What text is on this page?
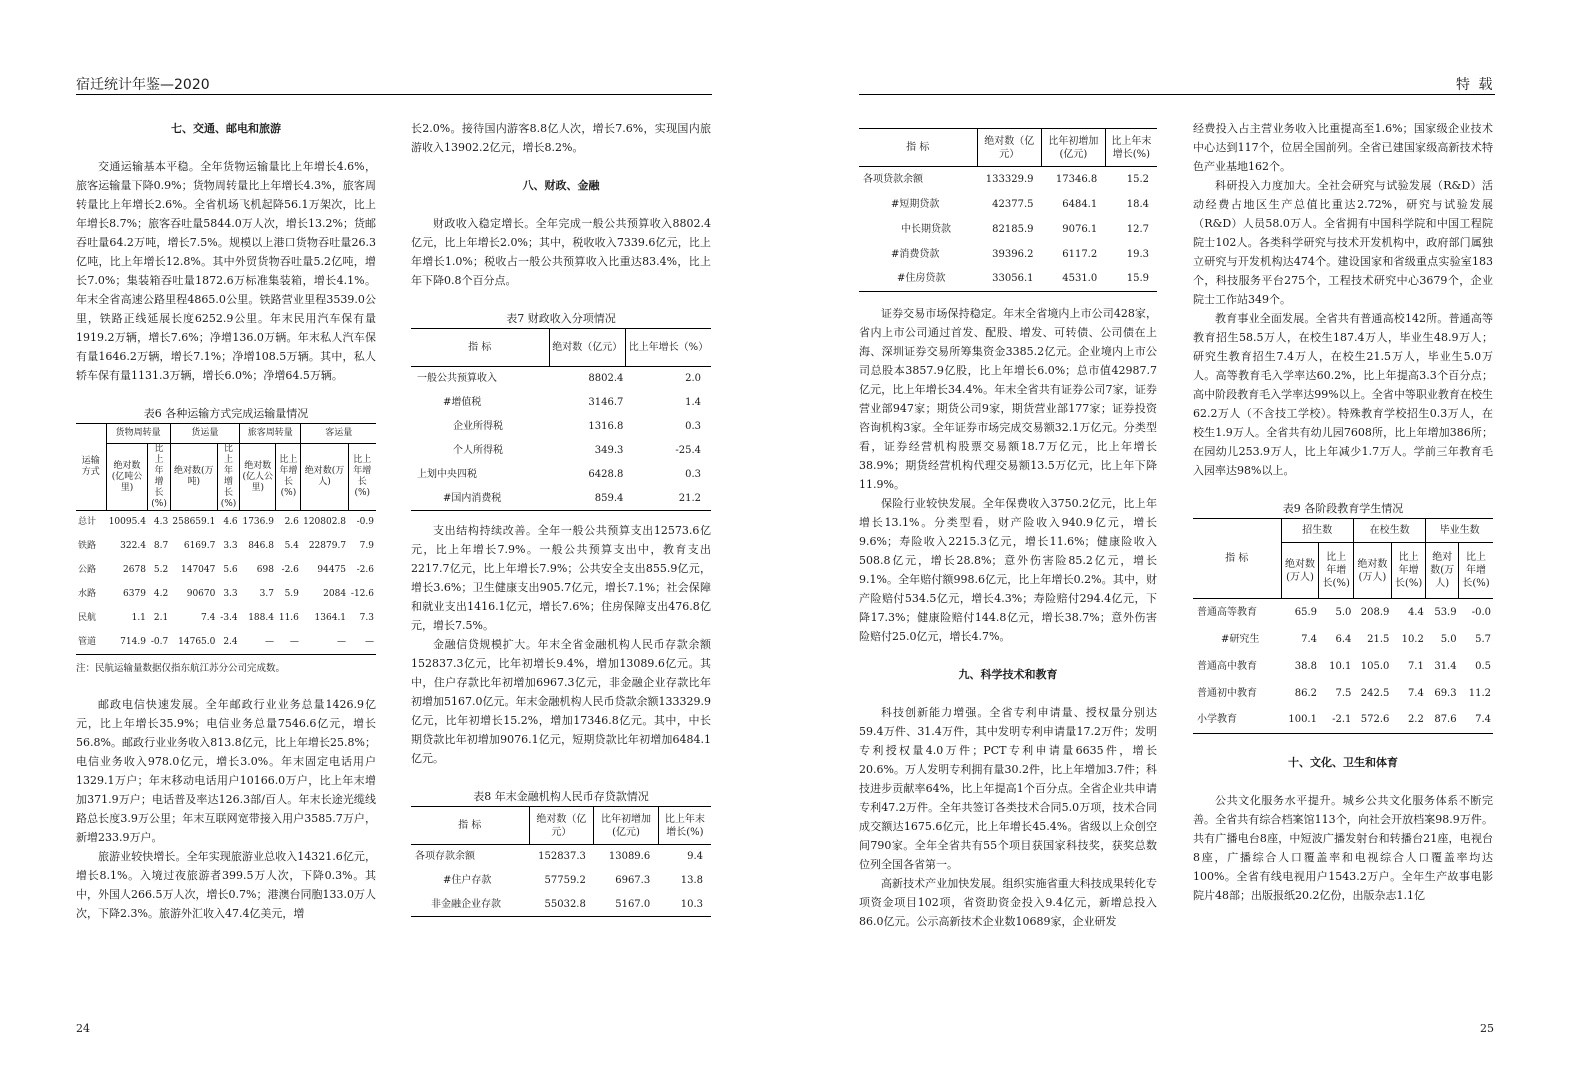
宿迁统计年鉴—2020	特 载
七、交通、邮电和旅游

交通运输基本平稳。全年货物运输量比上年增长4.6%，旅客运输量下降0.9%；货物周转量比上年增长4.3%，旅客周转量比上年增长2.6%。全省机场飞机起降56.1万架次，比上年增长8.7%；旅客吞吐量5844.0万人次，增长13.2%；货邮吞吐量64.2万吨，增长7.5%。规模以上港口货物吞吐量26.3亿吨，比上年增长12.8%。其中外贸货物吞吐量5.2亿吨，增长7.0%；集装箱吞吐量1872.6万标准集装箱，增长4.1%。年末全省高速公路里程4865.0公里。铁路营业里程3539.0公里，铁路正线延展长度6252.9公里。年末民用汽车保有量1919.2万辆，增长7.6%；净增136.0万辆。年末私人汽车保有量1646.2万辆，增长7.1%；净增108.5万辆。其中，私人轿车保有量1131.3万辆，增长6.0%；净增64.5万辆。

表6 各种运输方式完成运输量情况
运输方式	货物周转量		货运量		旅客周转量		客运量	
	绝对数(亿吨公里)	比上年增长(%)	绝对数(万吨)	比上年增长(%)	绝对数(亿人公里)	比上年增长(%)	绝对数(万人)	比上年增长(%)
总计	10095.4	4.3	258659.1	4.6	1736.9	2.6	120802.8	-0.9
铁路	322.4	8.7	6169.7	3.3	846.8	5.4	22879.7	7.9
公路	2678	5.2	147047	5.6	698	-2.6	94475	-2.6
水路	6379	4.2	90670	3.3	3.7	5.9	2084	-12.6
民航	1.1	2.1	7.4	-3.4	188.4	11.6	1364.1	7.3
管道	714.9	-0.7	14765.0	2.4	—	—	—	—
注：民航运输量数据仅指东航江苏分公司完成数。

邮政电信快速发展。全年邮政行业业务总量1426.9亿元，比上年增长35.9%；电信业务总量7546.6亿元，增长56.8%。邮政行业业务收入813.8亿元，比上年增长25.8%；电信业务收入978.0亿元，增长3.0%。年末固定电话用户1329.1万户；年末移动电话用户10166.0万户，比上年末增加371.9万户；电话普及率达126.3部/百人。年末长途光缆线路总长度3.9万公里；年末互联网宽带接入用户3585.7万户，新增233.9万户。

旅游业较快增长。全年实现旅游业总收入14321.6亿元，增长8.1%。入境过夜旅游者399.5万人次，下降0.3%。其中，外国人266.5万人次，增长0.7%；港澳台同胞133.0万人次，下降2.3%。旅游外汇收入47.4亿美元，增

长2.0%。接待国内游客8.8亿人次，增长7.6%，实现国内旅游收入13902.2亿元，增长8.2%。

八、财政、金融

财政收入稳定增长。全年完成一般公共预算收入8802.4亿元，比上年增长2.0%；其中，税收收入7339.6亿元，比上年增长1.0%；税收占一般公共预算收入比重达83.4%，比上年下降0.8个百分点。

表7 财政收入分项情况
指 标	绝对数（亿元）	比上年增长（%）
一般公共预算收入	8802.4	2.0
#增值税	3146.7	1.4
企业所得税	1316.8	0.3
个人所得税	349.3	-25.4
上划中央四税	6428.8	0.3
#国内消费税	859.4	21.2

支出结构持续改善。全年一般公共预算支出12573.6亿元，比上年增长7.9%。一般公共预算支出中，教育支出2217.7亿元，比上年增长7.9%；公共安全支出855.9亿元，增长3.6%；卫生健康支出905.7亿元，增长7.1%；社会保障和就业支出1416.1亿元，增长7.6%；住房保障支出476.8亿元，增长7.5%。

金融信贷规模扩大。年末全省金融机构人民币存款余额152837.3亿元，比年初增长9.4%，增加13089.6亿元。其中，住户存款比年初增加6967.3亿元，非金融企业存款比年初增加5167.0亿元。年末金融机构人民币贷款余额133329.9亿元，比年初增长15.2%，增加17346.8亿元。其中，中长期贷款比年初增加9076.1亿元，短期贷款比年初增加6484.1亿元。

表8 年末金融机构人民币存贷款情况
指 标	绝对数（亿元）	比年初增加(亿元)	比上年末增长(%)
各项存款余额	152837.3	13089.6	9.4
#住户存款	57759.2	6967.3	13.8
非金融企业存款	55032.8	5167.0	10.3
指 标	绝对数（亿元）	比年初增加(亿元)	比上年末增长(%)
各项贷款余额	133329.9	17346.8	15.2
#短期贷款	42377.5	6484.1	18.4
中长期贷款	82185.9	9076.1	12.7
#消费贷款	39396.2	6117.2	19.3
#住房贷款	33056.1	4531.0	15.9

证券交易市场保持稳定。年末全省境内上市公司428家，省内上市公司通过首发、配股、增发、可转债、公司债在上海、深圳证券交易所筹集资金3385.2亿元。企业境内上市公司总股本3857.9亿股，比上年增长6.0%；总市值42987.7亿元，比上年增长34.4%。年末全省共有证券公司7家，证券营业部947家；期货公司9家，期货营业部177家；证券投资咨询机构3家。全年证券市场完成交易额32.1万亿元。分类型看，证券经营机构股票交易额18.7万亿元，比上年增长38.9%；期货经营机构代理交易额13.5万亿元，比上年下降11.9%。

保险行业较快发展。全年保费收入3750.2亿元，比上年增长13.1%。分类型看，财产险收入940.9亿元，增长9.6%；寿险收入2215.3亿元，增长11.6%；健康险收入508.8亿元，增长28.8%；意外伤害险85.2亿元，增长9.1%。全年赔付额998.6亿元，比上年增长0.2%。其中，财产险赔付534.5亿元，增长4.3%；寿险赔付294.4亿元，下降17.3%；健康险赔付144.8亿元，增长38.7%；意外伤害险赔付25.0亿元，增长4.7%。

九、科学技术和教育

科技创新能力增强。全省专利申请量、授权量分别达59.4万件、31.4万件，其中发明专利申请量17.2万件；发明专利授权量4.0万件；PCT专利申请量6635件，增长20.6%。万人发明专利拥有量30.2件，比上年增加3.7件；科技进步贡献率64%，比上年提高1个百分点。全省企业共申请专利47.2万件。全年共签订各类技术合同5.0万项，技术合同成交额达1675.6亿元，比上年增长45.4%。省级以上众创空间790家。全年全省共有55个项目获国家科技奖，获奖总数位列全国各省第一。

高新技术产业加快发展。组织实施省重大科技成果转化专项资金项目102项，省资助资金投入9.4亿元，新增总投入86.0亿元。公示高新技术企业数10689家，企业研发

经费投入占主营业务收入比重提高至1.6%；国家级企业技术中心达到117个，位居全国前列。全省已建国家级高新技术特色产业基地162个。

科研投入力度加大。全社会研究与试验发展（R&D）活动经费占地区生产总值比重达2.72%，研究与试验发展（R&D）人员58.0万人。全省拥有中国科学院和中国工程院院士102人。各类科学研究与技术开发机构中，政府部门属独立研究与开发机构达474个。建设国家和省级重点实验室183个，科技服务平台275个，工程技术研究中心3679个，企业院士工作站349个。

教育事业全面发展。全省共有普通高校142所。普通高等教育招生58.5万人，在校生187.4万人，毕业生48.9万人；研究生教育招生7.4万人，在校生21.5万人，毕业生5.0万人。高等教育毛入学率达60.2%，比上年提高3.3个百分点；高中阶段教育毛入学率达99%以上。全省中等职业教育在校生62.2万人（不含技工学校）。特殊教育学校招生0.3万人，在校生1.9万人。全省共有幼儿园7608所，比上年增加386所；在园幼儿253.9万人，比上年减少1.7万人。学前三年教育毛入园率达98%以上。

表9 各阶段教育学生情况
指 标	招生数		在校生数		毕业生数	
	绝对数(万人)	比上年增长(%)	绝对数(万人)	比上年增长(%)	绝对数(万人)	比上年增长(%)
普通高等教育	65.9	5.0	208.9	4.4	53.9	-0.0
#研究生	7.4	6.4	21.5	10.2	5.0	5.7
普通高中教育	38.8	10.1	105.0	7.1	31.4	0.5
普通初中教育	86.2	7.5	242.5	7.4	69.3	11.2
小学教育	100.1	-2.1	572.6	2.2	87.6	7.4
十、文化、卫生和体育

公共文化服务水平提升。城乡公共文化服务体系不断完善。全省共有综合档案馆113个，向社会开放档案98.9万件。共有广播电台8座，中短波广播发射台和转播台21座，电视台8座，广播综合人口覆盖率和电视综合人口覆盖率均达100%。全省有线电视用户1543.2万户。全年生产故事电影院片48部；出版报纸20.2亿份，出版杂志1.1亿

24	25
